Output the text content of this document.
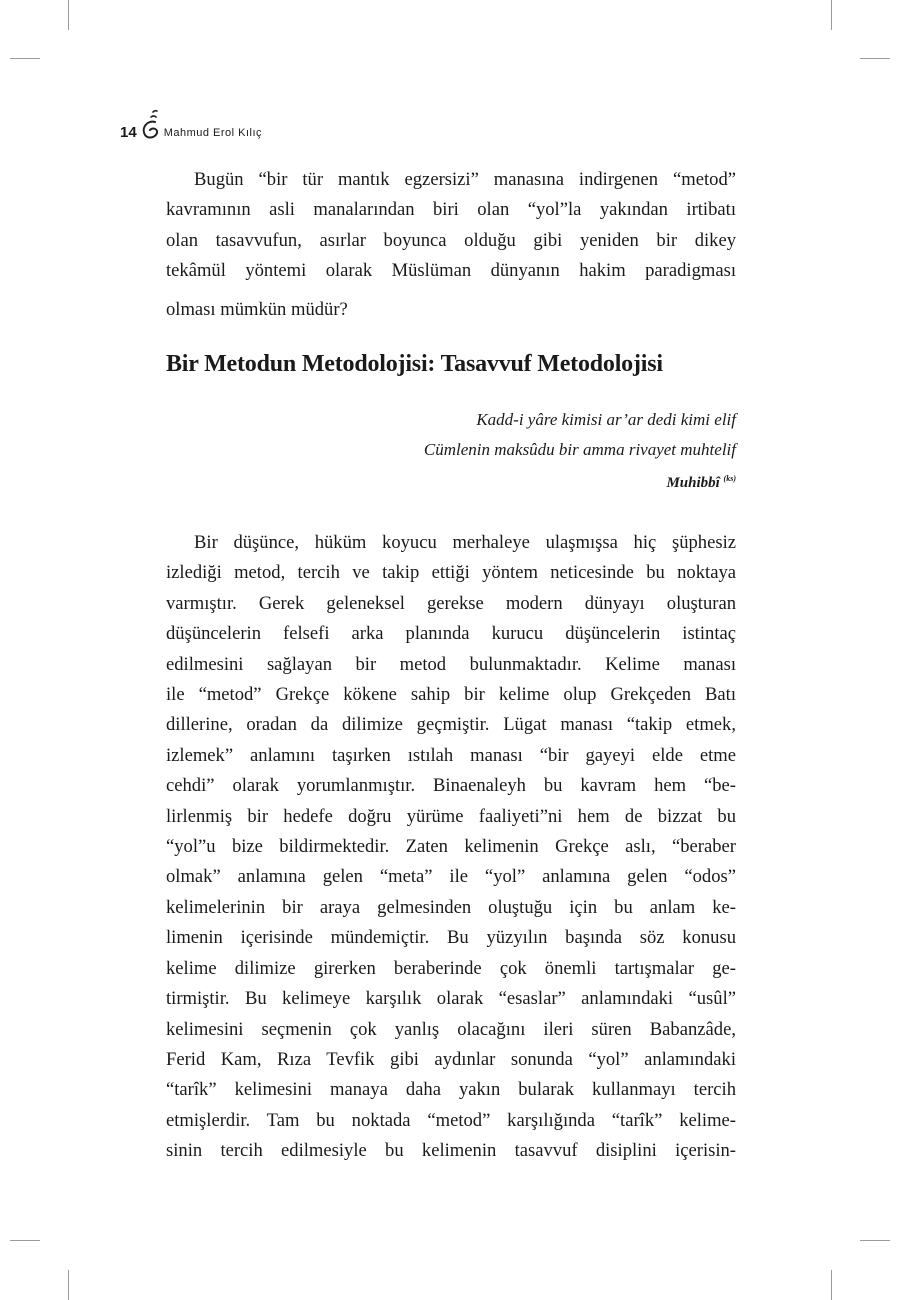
14 Mahmud Erol Kılıç

Bugün “bir tür mantık egzersizi” manasına indirgenen “metod”
kavramının asli manalarından biri olan “yol”la yakından irtibatı
olan tasavvufun, asırlar boyunca olduğu gibi yeniden bir dikey
tekâmül yöntemi olarak Müslüman dünyanın hakim paradigması
olması mümkün müdür?

Bir Metodun Metodolojisi: Tasavvuf Metodolojisi
Kadd-i yâre kimisi ar’ar dedi kimi elif
Cümlenin maksûdu bir amma rivayet muhtelif
Muhibbî $^{(ks)}$

Bir düşünce, hüküm koyucu merhaleye ulaşmışsa hiç şüphesiz
izlediği metod, tercih ve takip ettiği yöntem neticesinde bu noktaya
varmıştır. Gerek geleneksel gerekse modern dünyayı oluşturan
düşüncelerin felsefi arka planında kurucu düşüncelerin istintaç
edilmesini sağlayan bir metod bulunmaktadır. Kelime manası
ile “metod” Grekçe kökene sahip bir kelime olup Grekçeden Batı
dillerine, oradan da dilimize geçmiştir. Lügat manası “takip etmek,
izlemek” anlamını taşırken ıstılah manası “bir gayeyi elde etme
cehdi” olarak yorumlanmıştır. Binaenaleyh bu kavram hem “be-
lirlenmiş bir hedefe doğru yürüme faaliyeti”ni hem de bizzat bu
“yol”u bize bildirmektedir. Zaten kelimenin Grekçe aslı, “beraber
olmak” anlamına gelen “meta” ile “yol” anlamına gelen “odos”
kelimelerinin bir araya gelmesinden oluştuğu için bu anlam ke-
limenin içerisinde mündemiçtir. Bu yüzyılın başında söz konusu
kelime dilimize girerken beraberinde çok önemli tartışmalar ge-
tirmiştir. Bu kelimeye karşılık olarak “esaslar” anlamındaki “usûl”
kelimesini seçmenin çok yanlış olacağını ileri süren Babanzâde,
Ferid Kam, Rıza Tevfik gibi aydınlar sonunda “yol” anlamındaki
“tarîk” kelimesini manaya daha yakın bularak kullanmayı tercih
etmişlerdir. Tam bu noktada “metod” karşılığında “tarîk” kelime-
sinin tercih edilmesiyle bu kelimenin tasavvuf disiplini içerisin-
